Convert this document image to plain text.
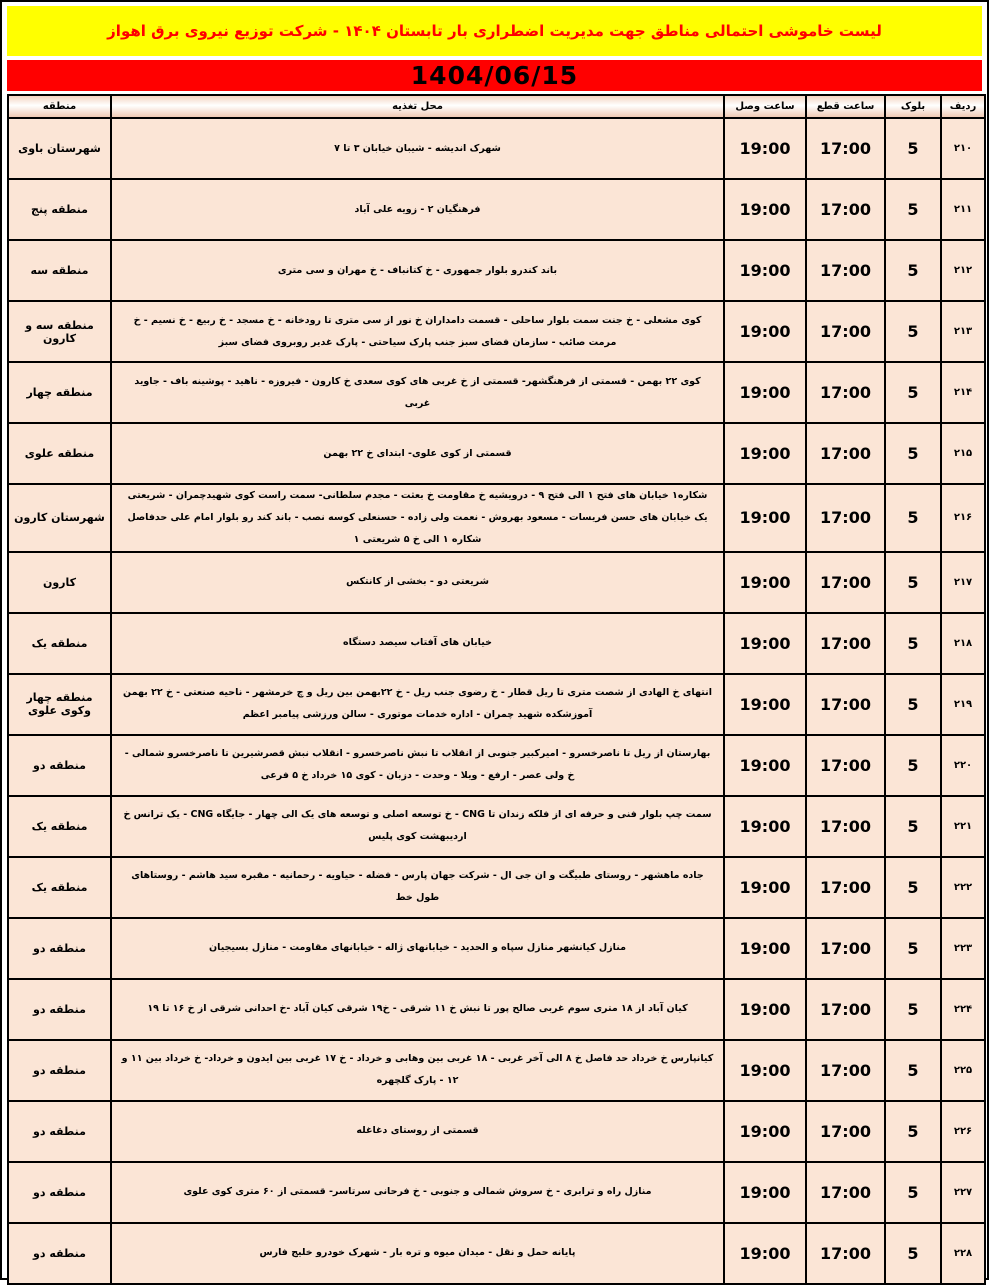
لیست خاموشی احتمالی مناطق جهت مدیریت اضطراری بار تابستان ۱۴۰۴ - شرکت توزیع نیروی برق اهواز
1404/06/15
ردیف	بلوک	ساعت قطع	ساعت وصل	محل تغذیه	منطقه
۲۱۰	5	17:00	19:00	شهرک اندیشه - شیبان خیابان ۳ تا ۷	شهرستان باوی
۲۱۱	5	17:00	19:00	فرهنگیان ۲ - زویه علی آباد	منطقه پنج
۲۱۲	5	17:00	19:00	باند کندرو بلوار جمهوری - خ کتانباف - خ مهران و سی متری	منطقه سه
۲۱۳	5	17:00	19:00	کوی مشعلی - خ جنت سمت بلوار ساحلی - قسمت دامداران خ نور از سی متری تا رودخانه - خ مسجد - خ ربیع - خ نسیم - خ مرمت صائب - سازمان فضای سبز جنب پارک سیاحتی - پارک غدیر روبروی فضای سبز	منطقه سه و کارون
۲۱۴	5	17:00	19:00	کوی ۲۲ بهمن - قسمتی از فرهنگشهر- قسمتی از خ غربی های کوی سعدی خ کارون - فیروزه - ناهید - پوشینه باف - جاوید غربی	منطقه چهار
۲۱۵	5	17:00	19:00	قسمتی از کوی علوی- ابتدای خ ۲۲ بهمن	منطقه علوی
۲۱۶	5	17:00	19:00	شکاره۱ خیابان های فتح ۱ الی فتح ۹ - درویشیه خ مقاومت خ بعثت - مجدم سلطانی- سمت راست کوی شهیدچمران - شریعتی یک خیابان های حسن فریسات - مسعود بهروش - نعمت ولی زاده - حسنعلی کوسه نصب - باند کند رو بلوار امام علی حدفاصل شکاره ۱ الی خ ۵ شریعتی ۱	شهرستان کارون
۲۱۷	5	17:00	19:00	شریعتی دو - بخشی از کانتکس	کارون
۲۱۸	5	17:00	19:00	خیابان های آفتاب سیصد دستگاه	منطقه یک
۲۱۹	5	17:00	19:00	انتهای خ الهادی از شصت متری تا ریل قطار - خ رضوی جنب ریل - خ ۲۲بهمن بین ریل و چ خرمشهر - ناحیه صنعتی - خ ۲۲ بهمن آموزشکده شهید چمران - اداره خدمات موتوری - سالن ورزشی پیامبر اعظم	منطقه چهار وکوی علوی
۲۲۰	5	17:00	19:00	بهارستان از ریل تا ناصرخسرو - امیرکبیر جنوبی از انقلاب تا نبش ناصرخسرو - انقلاب نبش قصرشیرین تا ناصرخسرو شمالی - خ ولی عصر - ارفع - ویلا - وحدت - دزبان - کوی ۱۵ خرداد خ ۵ فرعی	منطقه دو
۲۲۱	5	17:00	19:00	سمت چپ بلوار فنی و حرفه ای از فلکه زندان تا CNG - خ توسعه اصلی و توسعه های یک الی چهار - جایگاه CNG - یک ترانس خ اردیبهشت کوی پلیس	منطقه یک
۲۲۲	5	17:00	19:00	جاده ماهشهر - روستای طبیگت و ان جی ال - شرکت جهان پارس - فضله - حیاویه - رحمانیه - مقبره سید هاشم - روستاهای طول خط	منطقه یک
۲۲۳	5	17:00	19:00	منازل کیانشهر منازل سپاه و الحدید - خیابانهای ژاله - خیابانهای مقاومت - منازل بسیجیان	منطقه دو
۲۲۴	5	17:00	19:00	کیان آباد از ۱۸ متری سوم غربی صالح پور تا نبش خ ۱۱ شرقی - خ۱۹ شرقی کیان آباد -خ احدانی شرقی از خ ۱۶ تا ۱۹	منطقه دو
۲۲۵	5	17:00	19:00	کیانپارس خ خرداد حد فاصل خ ۸ الی آخر غربی - ۱۸ غربی بین وهابی و خرداد - خ ۱۷ غربی بین ایدون و خرداد- خ خرداد بین ۱۱ و ۱۲ - پارک گلچهره	منطقه دو
۲۲۶	5	17:00	19:00	قسمتی از روستای دغاغله	منطقه دو
۲۲۷	5	17:00	19:00	منازل راه و ترابری - خ سروش شمالی و جنوبی - خ فرحانی سرتاسر- قسمتی از ۶۰ متری کوی علوی	منطقه دو
۲۲۸	5	17:00	19:00	پایانه حمل و نقل - میدان میوه و تره بار - شهرک خودرو خلیج فارس	منطقه دو
